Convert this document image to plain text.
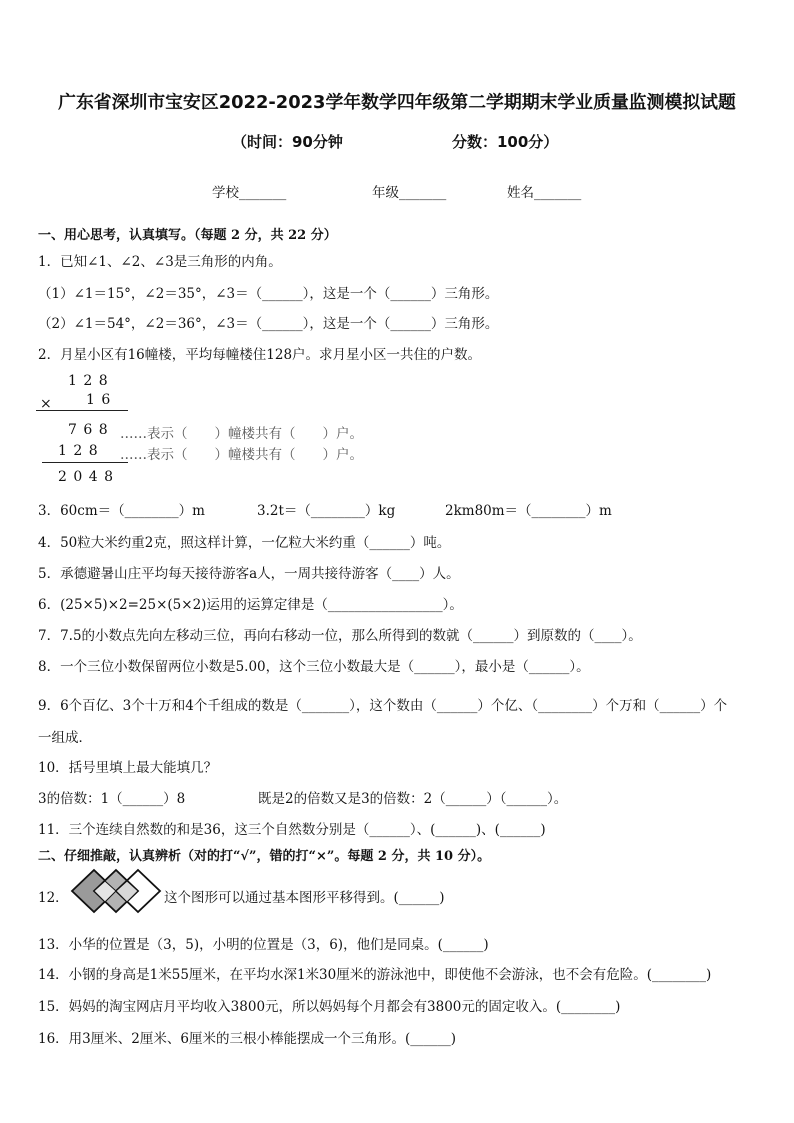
广东省深圳市宝安区2022-2023学年数学四年级第二学期期末学业质量监测模拟试题
（时间：90分钟	分数：100分）
学校_______	年级_______	姓名_______
一、用心思考，认真填写。（每题 2 分，共 22 分）
1．已知∠1、∠2、∠3是三角形的内角。
（1）∠1＝15°，∠2＝35°，∠3＝（______），这是一个（______）三角形。
（2）∠1＝54°，∠2＝36°，∠3＝（______），这是一个（______）三角形。
2．月星小区有16幢楼，平均每幢楼住128户。求月星小区一共住的户数。
1 2 8
× 1 6
7 6 8 ……表示（　　）幢楼共有（　　）户。
1 2 8 ……表示（　　）幢楼共有（　　）户。
2 0 4 8
3．60cm＝（________）m	3.2t＝（________）kg	2km80m＝（________）m
4．50粒大米约重2克，照这样计算，一亿粒大米约重（______）吨。
5．承德避暑山庄平均每天接待游客a人，一周共接待游客（____）人。
6．(25×5)×2=25×(5×2)运用的运算定律是（_________________）。
7．7.5的小数点先向左移动三位，再向右移动一位，那么所得到的数就（______）到原数的（____）。
8．一个三位小数保留两位小数是5.00，这个三位小数最大是（______），最小是（______）。
9．6个百亿、3个十万和4个千组成的数是（_______），这个数由（______）个亿、（________）个万和（______）个
一组成．
10．括号里填上最大能填几？
3的倍数：1（______）8	既是2的倍数又是3的倍数：2（______）（______）。
11．三个连续自然数的和是36，这三个自然数分别是（______）、(______)、(______)
二、仔细推敲，认真辨析（对的打“√”，错的打“×”。每题 2 分，共 10 分）。
12．	这个图形可以通过基本图形平移得到。(______)
13．小华的位置是（3，5)，小明的位置是（3，6)，他们是同桌。(______)
14．小钢的身高是1米55厘米，在平均水深1米30厘米的游泳池中，即使他不会游泳，也不会有危险。(________)
15．妈妈的淘宝网店月平均收入3800元，所以妈妈每个月都会有3800元的固定收入。(________)
16．用3厘米、2厘米、6厘米的三根小棒能摆成一个三角形。(______)
